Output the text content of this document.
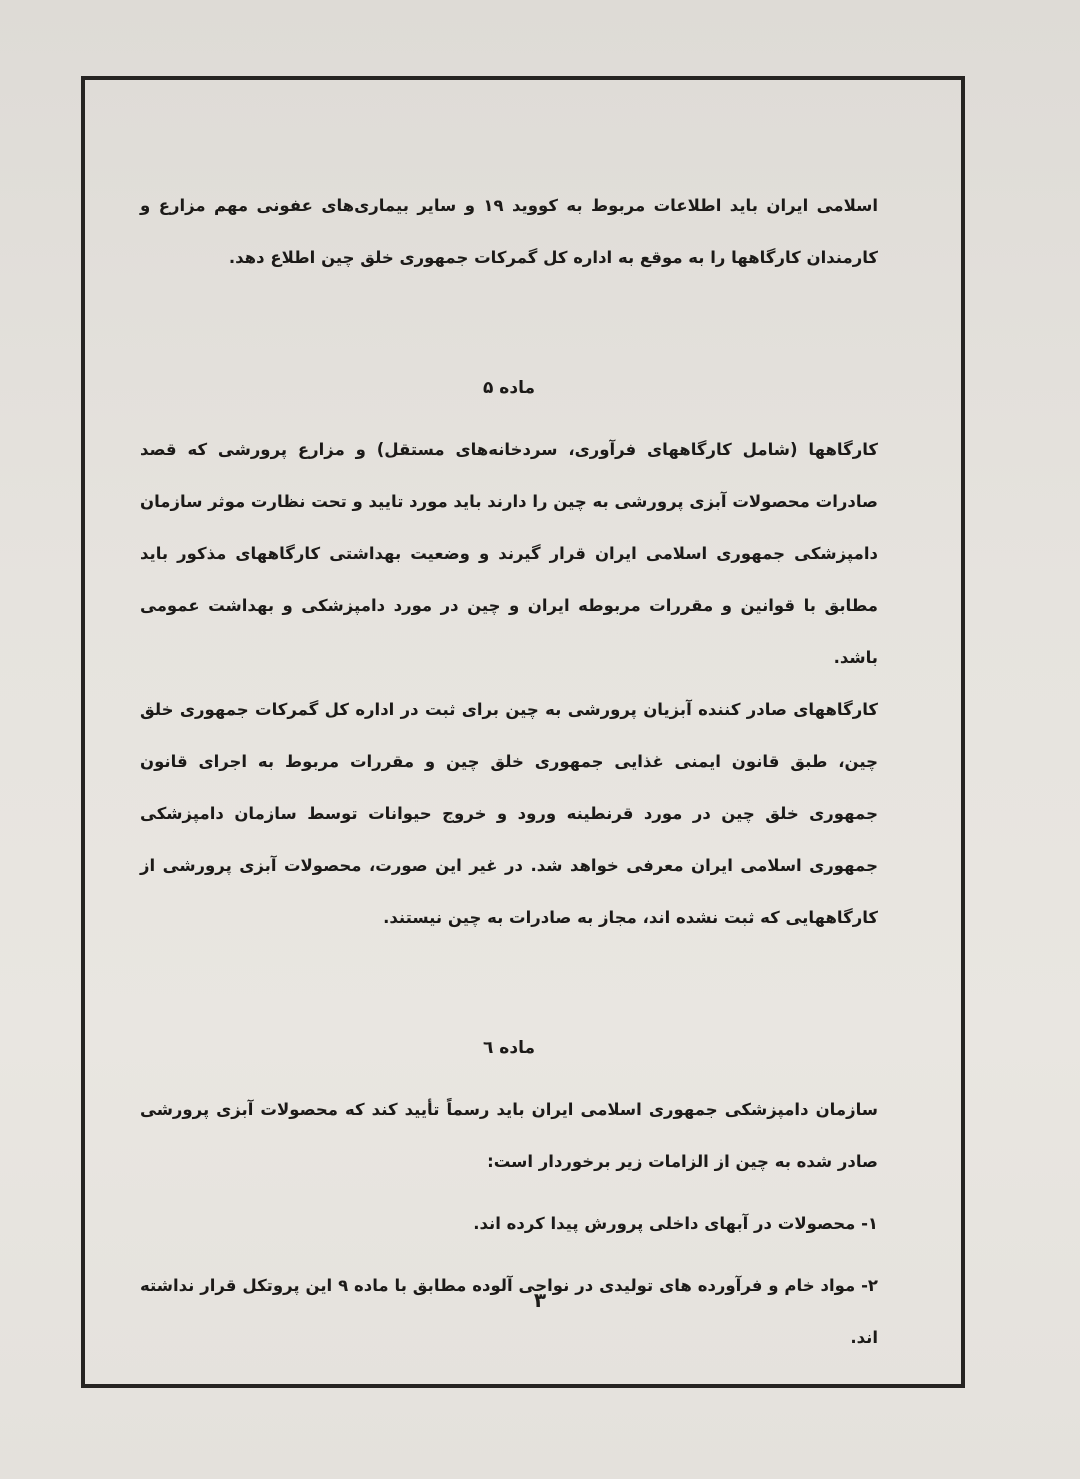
اسلامی ایران باید اطلاعات مربوط به کووید ۱۹ و سایر بیماری‌های عفونی مهم مزارع و کارمندان کارگاهها را به موقع به اداره کل گمرکات جمهوری خلق چین اطلاع دهد.

ماده ۵

کارگاهها (شامل کارگاههای فرآوری، سردخانه‌های مستقل) و مزارع پرورشی که قصد صادرات محصولات آبزی پرورشی به چین را دارند باید مورد تایید و تحت نظارت موثر سازمان دامپزشکی جمهوری اسلامی ایران قرار گیرند و وضعیت بهداشتی کارگاههای مذکور باید مطابق با قوانین و مقررات مربوطه ایران و چین در مورد دامپزشکی و بهداشت عمومی باشد.

کارگاههای صادر کننده آبزیان پرورشی به چین برای ثبت در اداره کل گمرکات جمهوری خلق چین، طبق قانون ایمنی غذایی جمهوری خلق چین و مقررات مربوط به اجرای قانون جمهوری خلق چین در مورد قرنطینه ورود و خروج حیوانات توسط سازمان دامپزشکی جمهوری اسلامی ایران معرفی خواهد شد. در غیر این صورت، محصولات آبزی پرورشی از کارگاههایی که ثبت نشده اند، مجاز به صادرات به چین نیستند.

ماده ٦

سازمان دامپزشکی جمهوری اسلامی ایران باید رسماً تأیید کند که محصولات آبزی پرورشی صادر شده به چین از الزامات زیر برخوردار است:

۱- محصولات در آبهای داخلی پرورش پیدا کرده اند.

۲- مواد خام و فرآورده های تولیدی در نواحی آلوده مطابق با ماده ۹ این پروتکل قرار نداشته اند.

۳
